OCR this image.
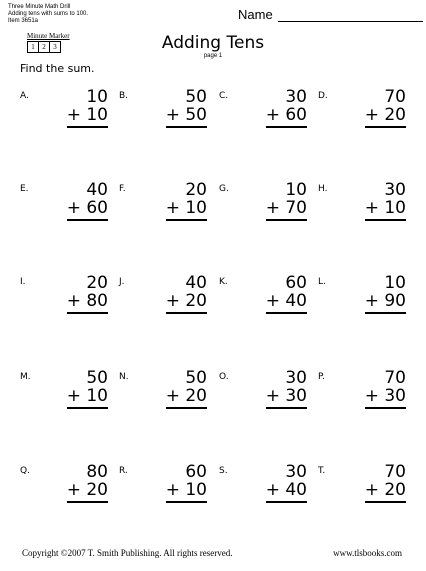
Three Minute Math Drill
Adding tens with sums to 100.
Item 3651a	Name
Minute Marker
1	2	3	Adding Tens
page 1
Find the sum.
A.	10
+ 10
B.	50
+ 50
C.	30
+ 60
D.	70
+ 20
E.	40
+ 60
F.	20
+ 10
G.	10
+ 70
H.	30
+ 10
I.	20
+ 80
J.	40
+ 20
K.	60
+ 40
L.	10
+ 90
M.	50
+ 10
N.	50
+ 20
O.	30
+ 30
P.	70
+ 30
Q.	80
+ 20
R.	60
+ 10
S.	30
+ 40
T.	70
+ 20
Copyright ©2007 T. Smith Publishing. All rights reserved.	www.tlsbooks.com
